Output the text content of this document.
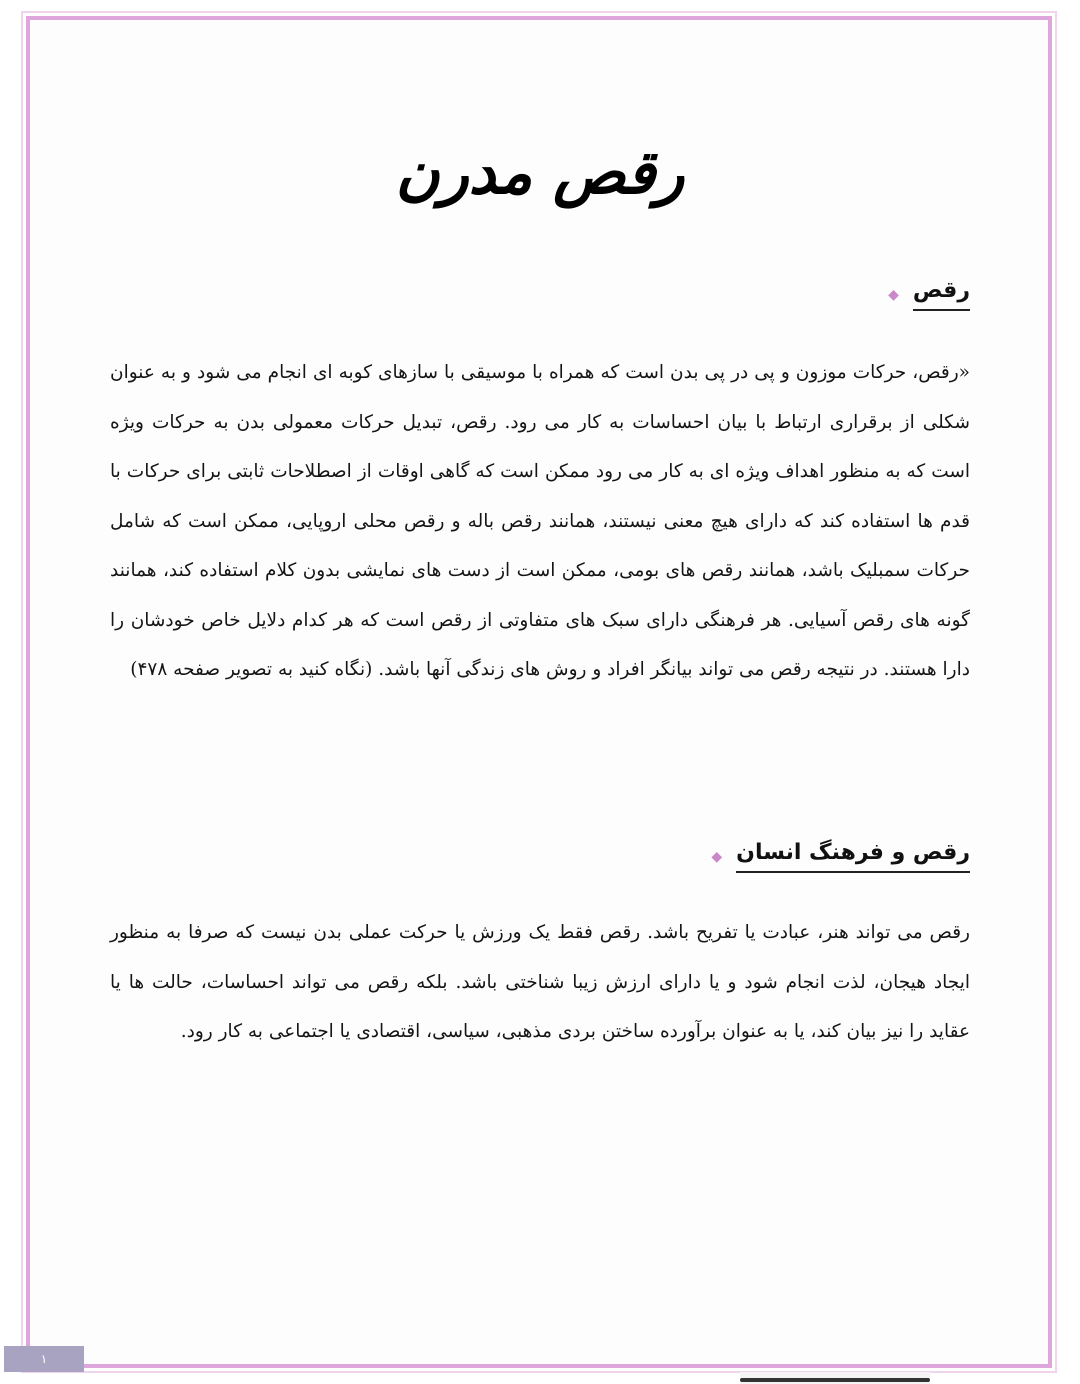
رقص مدرن
رقص
◆

«رقص، حرکات موزون و پی در پی بدن است که همراه با موسیقی با سازهای کوبه ای انجام می شود و به عنوان شکلی از برقراری ارتباط با بیان احساسات به کار می رود. رقص، تبدیل حرکات معمولی بدن به حرکات ویژه است که به منظور اهداف ویژه ای به کار می رود ممکن است که گاهی اوقات از اصطلاحات ثابتی برای حرکات با قدم ها استفاده کند که دارای هیچ معنی نیستند، همانند رقص باله و رقص محلی اروپایی، ممکن است که شامل حرکات سمبلیک باشد، همانند رقص های بومی، ممکن است از دست های نمایشی بدون کلام استفاده کند، همانند گونه های رقص آسیایی. هر فرهنگی دارای سبک های متفاوتی از رقص است که هر کدام دلایل خاص خودشان را دارا هستند. در نتیجه رقص می تواند بیانگر افراد و روش های زندگی آنها باشد. (نگاه کنید به تصویر صفحه ۴۷۸)

رقص و فرهنگ انسان
◆

رقص می تواند هنر، عبادت یا تفریح باشد. رقص فقط یک ورزش یا حرکت عملی بدن نیست که صرفا به منظور ایجاد هیجان، لذت انجام شود و یا دارای ارزش زیبا شناختی باشد. بلکه رقص می تواند احساسات، حالت ها یا عقاید را نیز بیان کند، یا به عنوان برآورده ساختن بردی مذهبی، سیاسی، اقتصادی یا اجتماعی به کار رود.

۱
